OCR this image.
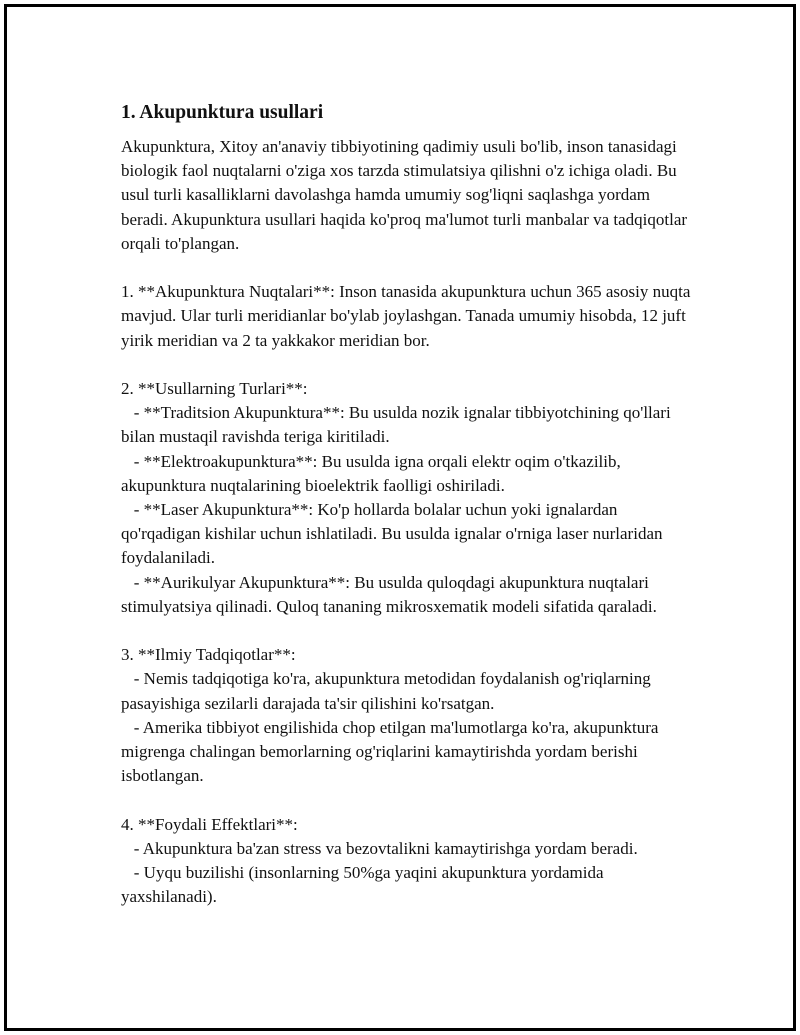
1. Akupunktura usullari

Akupunktura, Xitoy an'anaviy tibbiyotining qadimiy usuli bo'lib, inson tanasidagi biologik faol nuqtalarni o'ziga xos tarzda stimulatsiya qilishni o'z ichiga oladi. Bu usul turli kasalliklarni davolashga hamda umumiy sog'liqni saqlashga yordam beradi. Akupunktura usullari haqida ko'proq ma'lumot turli manbalar va tadqiqotlar orqali to'plangan.

1. **Akupunktura Nuqtalari**: Inson tanasida akupunktura uchun 365 asosiy nuqta mavjud. Ular turli meridianlar bo'ylab joylashgan. Tanada umumiy hisobda, 12 juft yirik meridian va 2 ta yakkakor meridian bor.

2. **Usullarning Turlari**:

- **Traditsion Akupunktura**: Bu usulda nozik ignalar tibbiyotchining qo'llari bilan mustaqil ravishda teriga kiritiladi.

- **Elektroakupunktura**: Bu usulda igna orqali elektr oqim o'tkazilib, akupunktura nuqtalarining bioelektrik faolligi oshiriladi.

- **Laser Akupunktura**: Ko'p hollarda bolalar uchun yoki ignalardan qo'rqadigan kishilar uchun ishlatiladi. Bu usulda ignalar o'rniga laser nurlaridan foydalaniladi.

- **Aurikulyar Akupunktura**: Bu usulda quloqdagi akupunktura nuqtalari stimulyatsiya qilinadi. Quloq tananing mikrosxematik modeli sifatida qaraladi.

3. **Ilmiy Tadqiqotlar**:

- Nemis tadqiqotiga ko'ra, akupunktura metodidan foydalanish og'riqlarning pasayishiga sezilarli darajada ta'sir qilishini ko'rsatgan.

- Amerika tibbiyot engilishida chop etilgan ma'lumotlarga ko'ra, akupunktura migrenga chalingan bemorlarning og'riqlarini kamaytirishda yordam berishi isbotlangan.

4. **Foydali Effektlari**:

- Akupunktura ba'zan stress va bezovtalikni kamaytirishga yordam beradi.

- Uyqu buzilishi (insonlarning 50%ga yaqini akupunktura yordamida yaxshilanadi).
